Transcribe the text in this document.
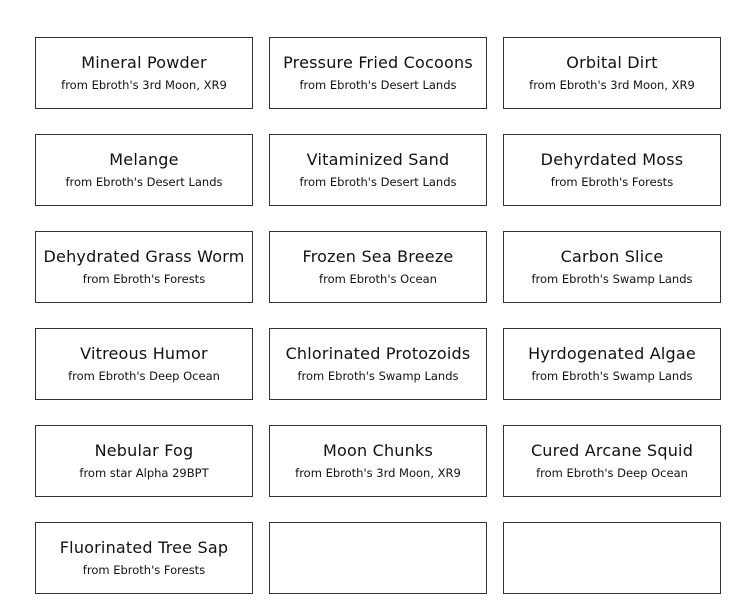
Mineral Powder
from Ebroth's 3rd Moon, XR9
Pressure Fried Cocoons
from Ebroth's Desert Lands
Orbital Dirt
from Ebroth's 3rd Moon, XR9
Melange
from Ebroth's Desert Lands
Vitaminized Sand
from Ebroth's Desert Lands
Dehyrdated Moss
from Ebroth's Forests
Dehydrated Grass Worm
from Ebroth's Forests
Frozen Sea Breeze
from Ebroth's Ocean
Carbon Slice
from Ebroth's Swamp Lands
Vitreous Humor
from Ebroth's Deep Ocean
Chlorinated Protozoids
from Ebroth's Swamp Lands
Hyrdogenated Algae
from Ebroth's Swamp Lands
Nebular Fog
from star Alpha 29BPT
Moon Chunks
from Ebroth's 3rd Moon, XR9
Cured Arcane Squid
from Ebroth's Deep Ocean
Fluorinated Tree Sap
from Ebroth's Forests
